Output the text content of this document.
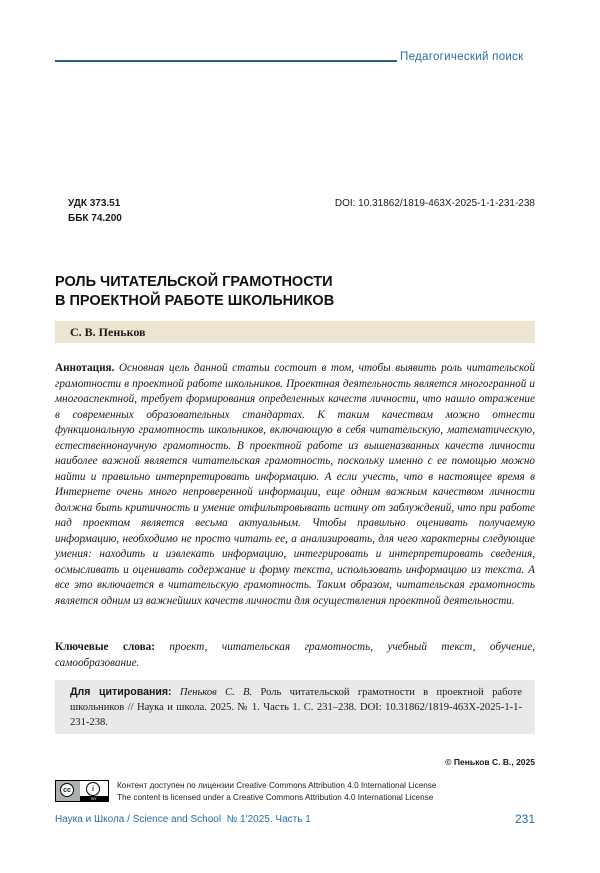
Педагогический поиск
УДК 373.51
ББК 74.200
DOI: 10.31862/1819-463X-2025-1-1-231-238
РОЛЬ ЧИТАТЕЛЬСКОЙ ГРАМОТНОСТИ
В ПРОЕКТНОЙ РАБОТЕ ШКОЛЬНИКОВ
С. В. Пеньков
Аннотация. Основная цель данной статьи состоит в том, чтобы выявить роль читательской грамотности в проектной работе школьников. Проектная деятельность является многогранной и многоаспектной, требует формирования определенных качеств личности, что нашло отражение в современных образовательных стандартах. К таким качествам можно отнести функциональную грамотность школьников, включающую в себя читательскую, математическую, естественнонаучную грамотность. В проектной работе из вышеназванных качеств личности наиболее важной является читательская грамотность, поскольку именно с ее помощью можно найти и правильно интерпретировать информацию. А если учесть, что в настоящее время в Интернете очень много непроверенной информации, еще одним важным качеством личности должна быть критичность и умение отфильтровывать истину от заблуждений, что при работе над проектом является весьма актуальным. Чтобы правильно оценивать получаемую информацию, необходимо не просто читать ее, а анализировать, для чего характерны следующие умения: находить и извлекать информацию, интегрировать и интерпретировать сведения, осмысливать и оценивать содержание и форму текста, использовать информацию из текста. А все это включается в читательскую грамотность. Таким образом, читательская грамотность является одним из важнейших качеств личности для осуществления проектной деятельности.
Ключевые слова: проект, читательская грамотность, учебный текст, обучение, самообразование.
Для цитирования: Пеньков С. В. Роль читательской грамотности в проектной работе школьников // Наука и школа. 2025. № 1. Часть 1. С. 231–238. DOI: 10.31862/1819-463X-2025-1-1-231-238.
© Пеньков С. В., 2025
cc	i
BY
Контент доступен по лицензии Creative Commons Attribution 4.0 International License
The content is licensed under a Creative Commons Attribution 4.0 International License
Наука и Школа / Science and School  № 1'2025. Часть 1	231
